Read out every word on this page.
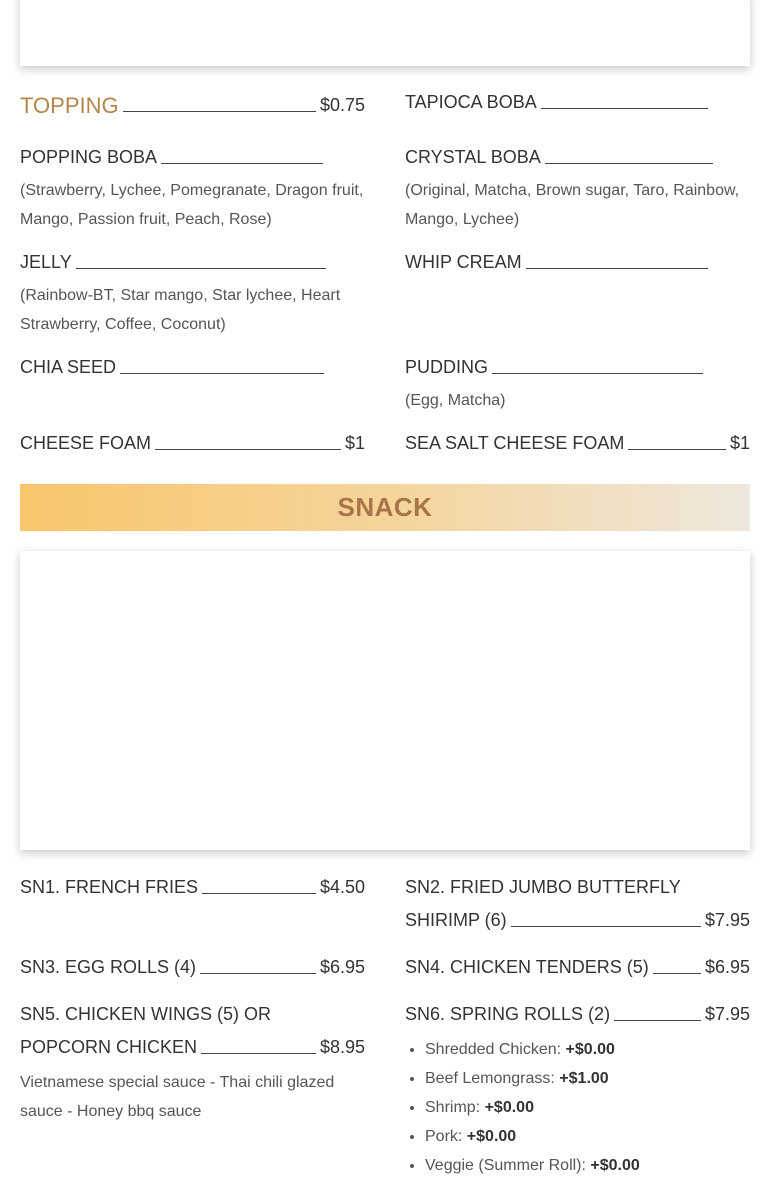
TOPPING	$0.75 TAPIOCA BOBA
POPPING BOBA
(Strawberry, Lychee, Pomegranate, Dragon fruit, Mango, Passion fruit, Peach, Rose)
CRYSTAL BOBA
(Original, Matcha, Brown sugar, Taro, Rainbow, Mango, Lychee)
JELLY
(Rainbow-BT, Star mango, Star lychee, Heart Strawberry, Coffee, Coconut)
WHIP CREAM
CHIA SEED	PUDDING
(Egg, Matcha)
CHEESE FOAM	$1 SEA SALT CHEESE FOAM	$1
SNACK
SN1. FRENCH FRIES	$4.50 SN2. FRIED JUMBO BUTTERFLY
SHIRIMP (6)	$7.95
SN3. EGG ROLLS (4)	$6.95 SN4. CHICKEN TENDERS (5)	$6.95
SN5. CHICKEN WINGS (5) OR
POPCORN CHICKEN	$8.95
Vietnamese special sauce - Thai chili glazed sauce - Honey bbq sauce
SN6. SPRING ROLLS (2)	$7.95
• Shredded Chicken: +$0.00
• Beef Lemongrass: +$1.00
• Shrimp: +$0.00
• Pork: +$0.00
• Veggie (Summer Roll): +$0.00
